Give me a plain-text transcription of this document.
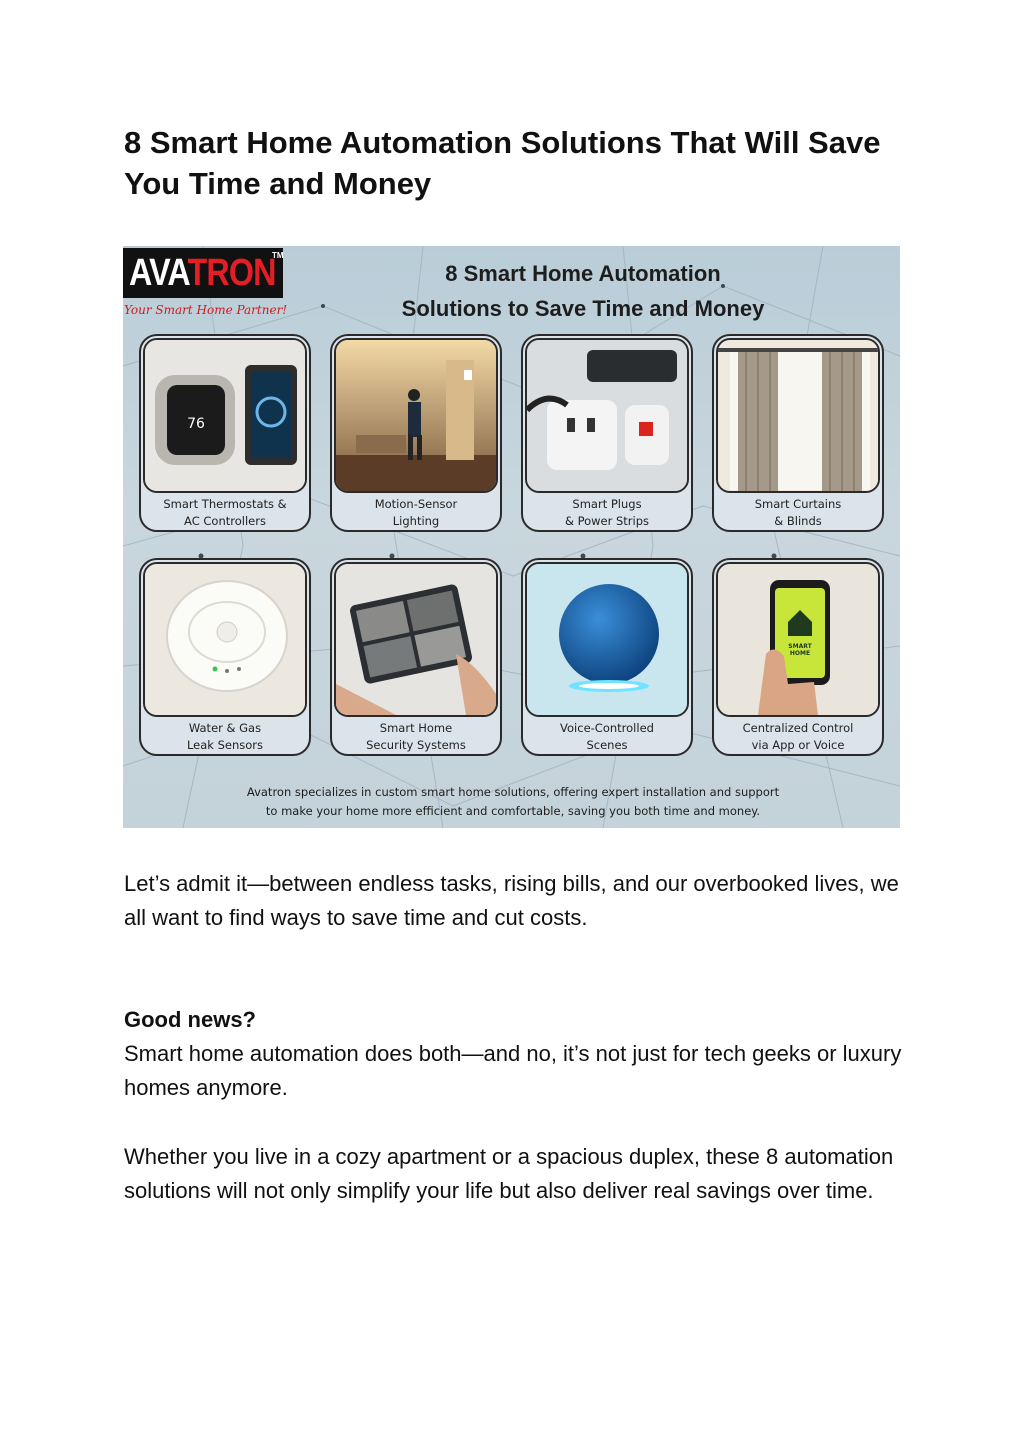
8 Smart Home Automation Solutions That Will Save You Time and Money
AVATRON
TM
Your Smart Home Partner!
8 Smart Home Automation
Solutions to Save Time and Money
76
Smart Thermostats &
AC Controllers
Motion-Sensor
Lighting
Smart Plugs
& Power Strips
Smart Curtains
& Blinds
Water & Gas
Leak Sensors
Smart Home
Security Systems
Voice-Controlled
Scenes
SMART
HOME
Centralized Control
via App or Voice
Avatron specializes in custom smart home solutions, offering expert installation and support
to make your home more efficient and comfortable, saving you both time and money.

Let’s admit it—between endless tasks, rising bills, and our overbooked lives, we all want to find ways to save time and cut costs.

Good news?
Smart home automation does both—and no, it’s not just for tech geeks or luxury homes anymore.

Whether you live in a cozy apartment or a spacious duplex, these 8 automation solutions will not only simplify your life but also deliver real savings over time.
